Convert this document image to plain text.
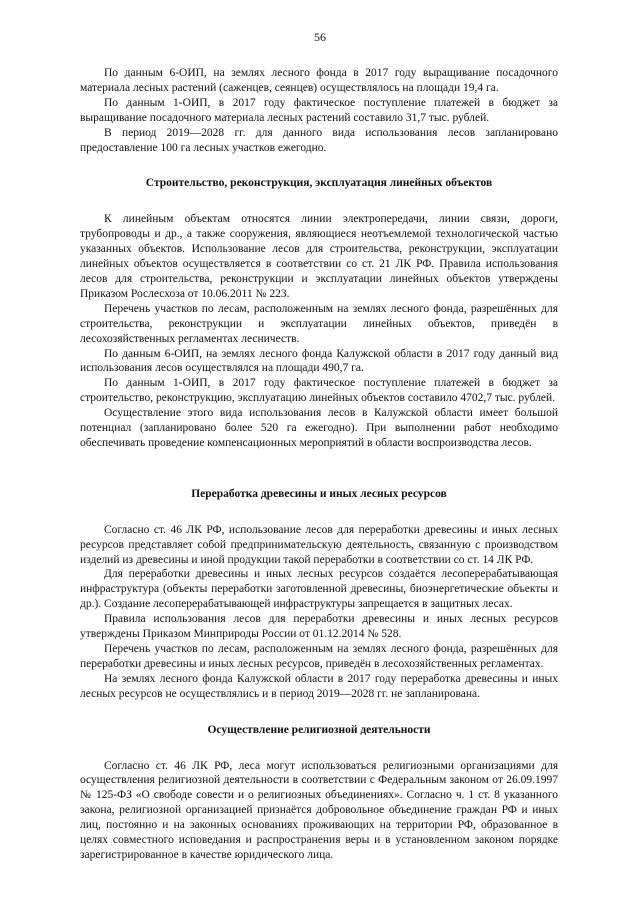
56

По данным 6-ОИП, на землях лесного фонда в 2017 году выращивание посадочного материала лесных растений (саженцев, сеянцев) осуществлялось на площади 19,4 га.

По данным 1-ОИП, в 2017 году фактическое поступление платежей в бюджет за выращивание посадочного материала лесных растений составило 31,7 тыс. рублей.

В период 2019—2028 гг. для данного вида использования лесов запланировано предоставление 100 га лесных участков ежегодно.

Строительство, реконструкция, эксплуатация линейных объектов

К линейным объектам относятся линии электропередачи, линии связи, дороги, трубопроводы и др., а также сооружения, являющиеся неотъемлемой технологической частью указанных объектов. Использование лесов для строительства, реконструкции, эксплуатации линейных объектов осуществляется в соответствии со ст. 21 ЛК РФ. Правила использования лесов для строительства, реконструкции и эксплуатации линейных объектов утверждены Приказом Рослесхоза от 10.06.2011 № 223.

Перечень участков по лесам, расположенным на землях лесного фонда, разрешённых для строительства, реконструкции и эксплуатации линейных объектов, приведён в лесохозяйственных регламентах лесничеств.

По данным 6-ОИП, на землях лесного фонда Калужской области в 2017 году данный вид использования лесов осуществлялся на площади 490,7 га.

По данным 1-ОИП, в 2017 году фактическое поступление платежей в бюджет за строительство, реконструкцию, эксплуатацию линейных объектов составило 4702,7 тыс. рублей.

Осуществление этого вида использования лесов в Калужской области имеет большой потенциал (запланировано более 520 га ежегодно). При выполнении работ необходимо обеспечивать проведение компенсационных мероприятий в области воспроизводства лесов.

Переработка древесины и иных лесных ресурсов

Согласно ст. 46 ЛК РФ, использование лесов для переработки древесины и иных лесных ресурсов представляет собой предпринимательскую деятельность, связанную с производством изделий из древесины и иной продукции такой переработки в соответствии со ст. 14 ЛК РФ.

Для переработки древесины и иных лесных ресурсов создаётся лесоперерабатывающая инфраструктура (объекты переработки заготовленной древесины, биоэнергетические объекты и др.). Создание лесоперерабатывающей инфраструктуры запрещается в защитных лесах.

Правила использования лесов для переработки древесины и иных лесных ресурсов утверждены Приказом Минприроды России от 01.12.2014 № 528.

Перечень участков по лесам, расположенным на землях лесного фонда, разрешённых для переработки древесины и иных лесных ресурсов, приведён в лесохозяйственных регламентах.

На землях лесного фонда Калужской области в 2017 году переработка древесины и иных лесных ресурсов не осуществлялись и в период 2019—2028 гг. не запланирована.

Осуществление религиозной деятельности

Согласно ст. 46 ЛК РФ, леса могут использоваться религиозными организациями для осуществления религиозной деятельности в соответствии с Федеральным законом от 26.09.1997 № 125-ФЗ «О свободе совести и о религиозных объединениях». Согласно ч. 1 ст. 8 указанного закона, религиозной организацией признаётся добровольное объединение граждан РФ и иных лиц, постоянно и на законных основаниях проживающих на территории РФ, образованное в целях совместного исповедания и распространения веры и в установленном законом порядке зарегистрированное в качестве юридического лица.
